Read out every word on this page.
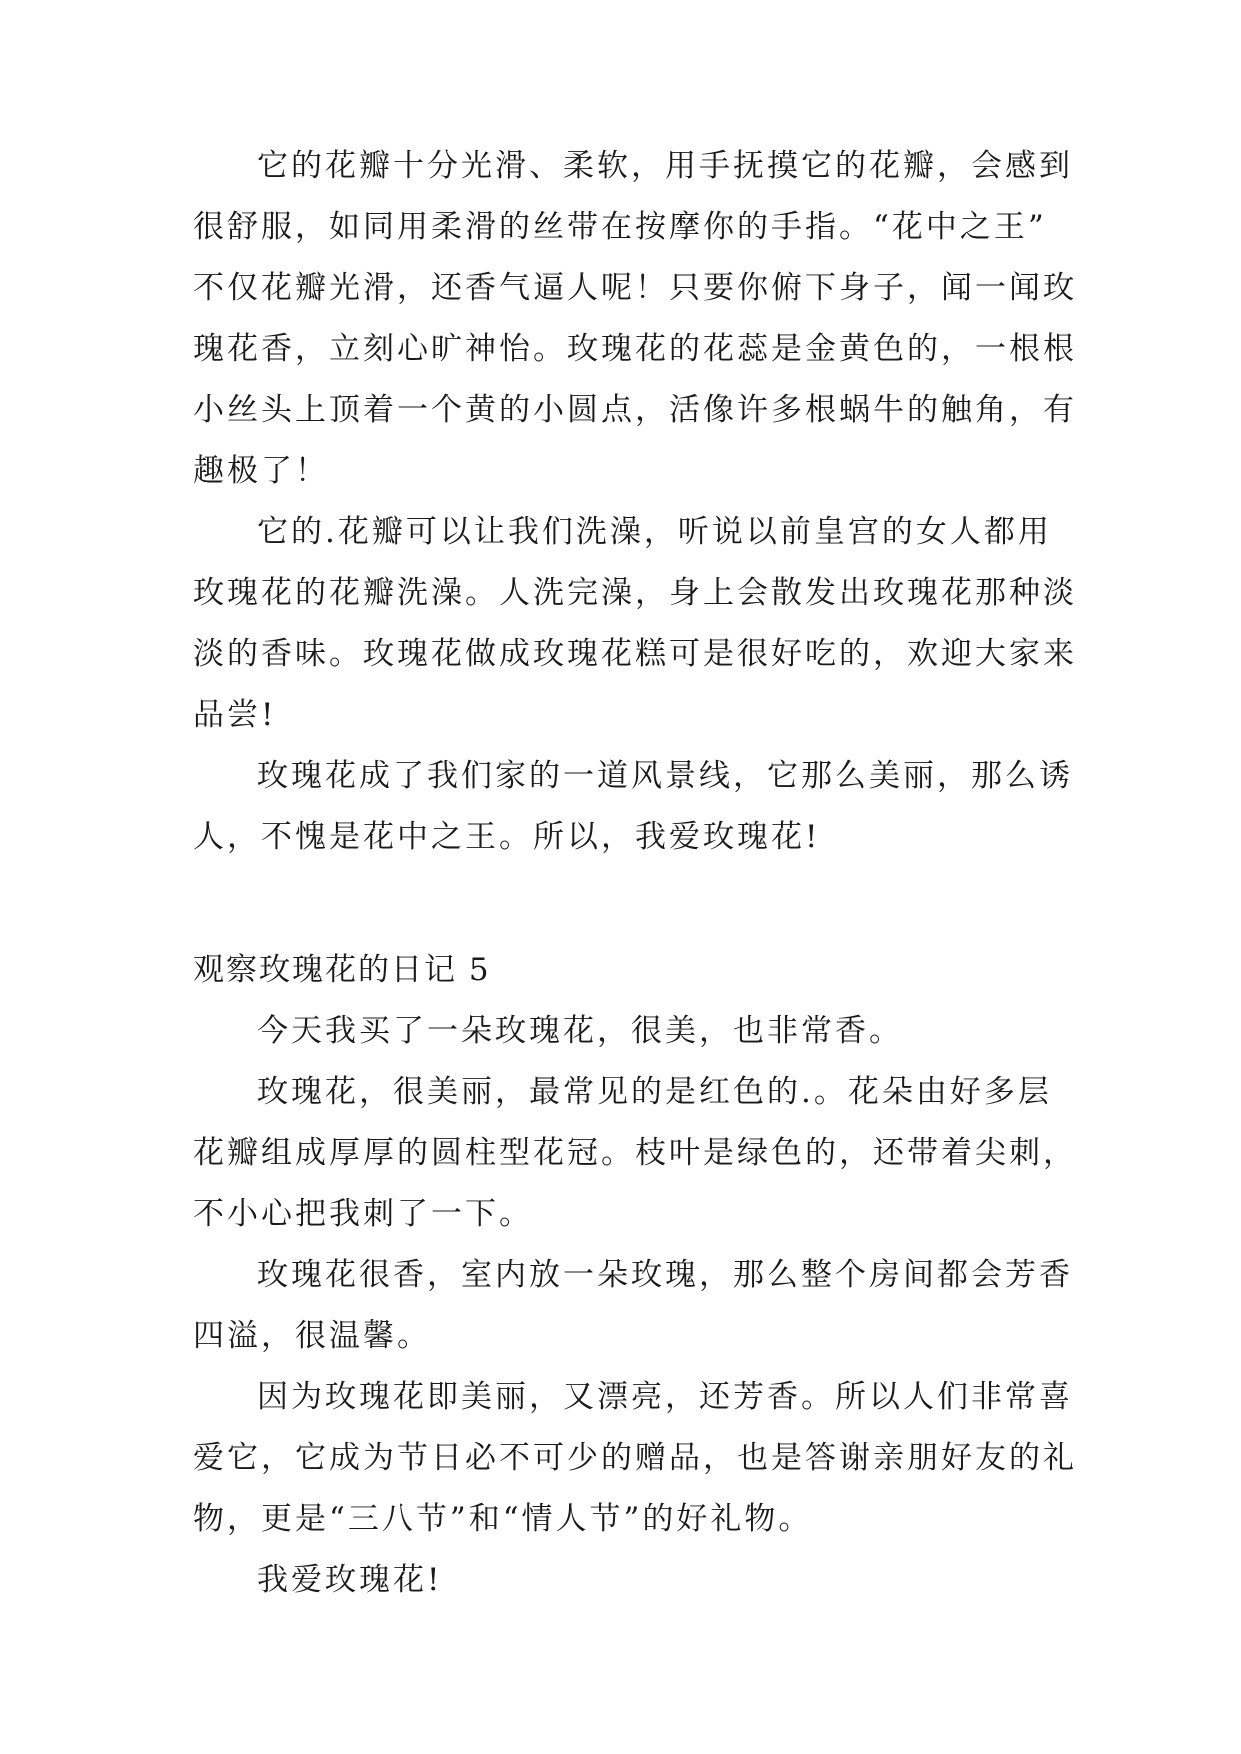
它的花瓣十分光滑、柔软，用手抚摸它的花瓣，会感到
很舒服，如同用柔滑的丝带在按摩你的手指。“花中之王”
不仅花瓣光滑，还香气逼人呢！只要你俯下身子，闻一闻玫
瑰花香，立刻心旷神怡。玫瑰花的花蕊是金黄色的，一根根
小丝头上顶着一个黄的小圆点，活像许多根蜗牛的触角，有
趣极了！
它的.花瓣可以让我们洗澡，听说以前皇宫的女人都用
玫瑰花的花瓣洗澡。人洗完澡，身上会散发出玫瑰花那种淡
淡的香味。玫瑰花做成玫瑰花糕可是很好吃的，欢迎大家来
品尝!
玫瑰花成了我们家的一道风景线，它那么美丽，那么诱
人，不愧是花中之王。所以，我爱玫瑰花!
观察玫瑰花的日记 5
今天我买了一朵玫瑰花，很美，也非常香。
玫瑰花，很美丽，最常见的是红色的.。花朵由好多层
花瓣组成厚厚的圆柱型花冠。枝叶是绿色的，还带着尖刺，
不小心把我刺了一下。
玫瑰花很香，室内放一朵玫瑰，那么整个房间都会芳香
四溢，很温馨。
因为玫瑰花即美丽，又漂亮，还芳香。所以人们非常喜
爱它，它成为节日必不可少的赠品，也是答谢亲朋好友的礼
物，更是“三八节”和“情人节”的好礼物。
我爱玫瑰花!
